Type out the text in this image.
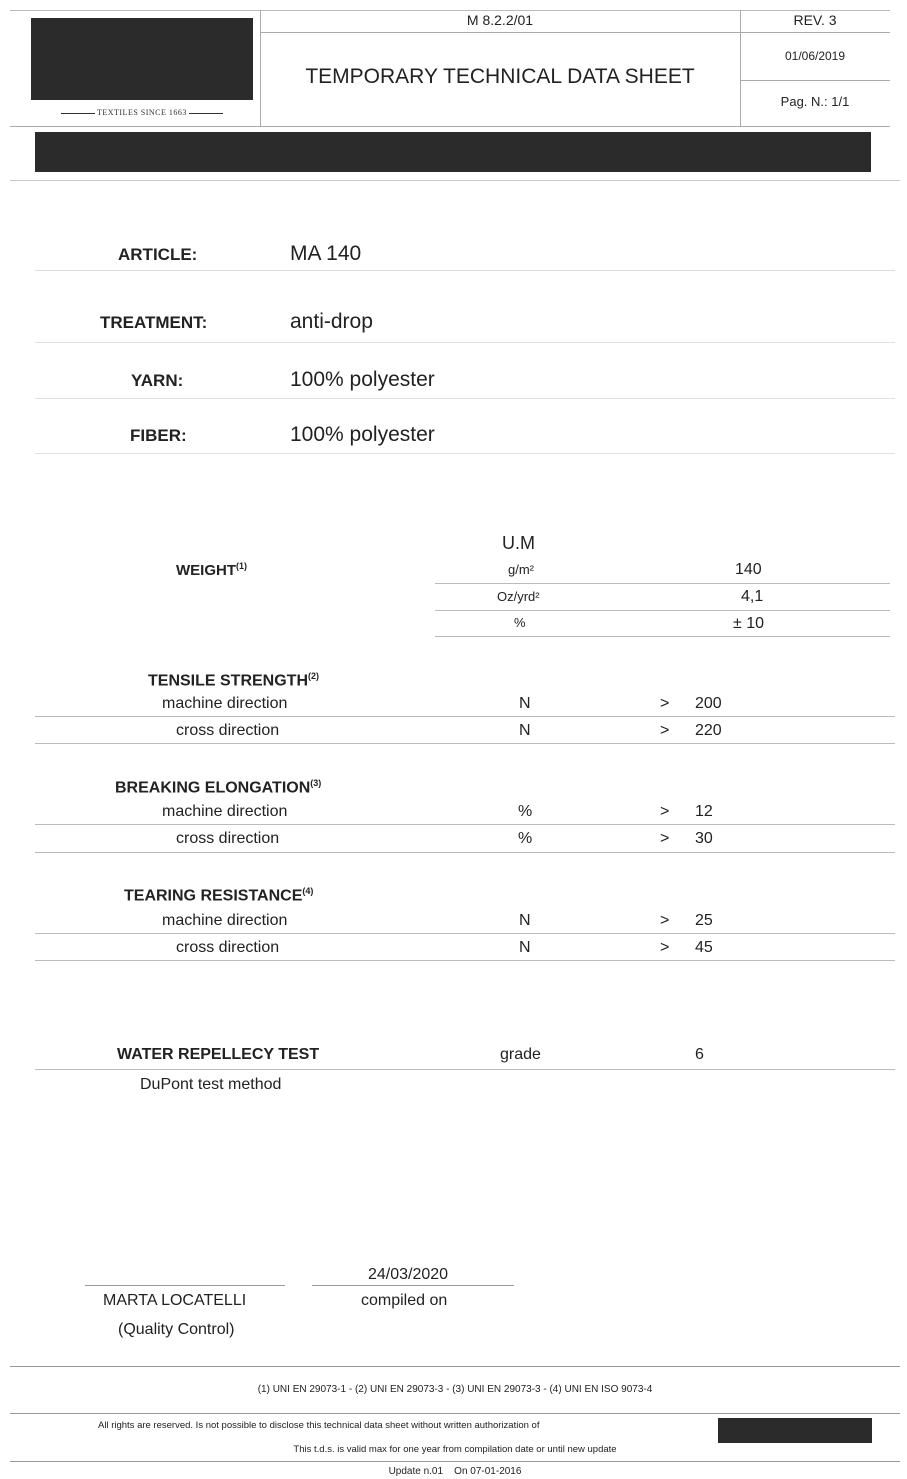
TEXTILES SINCE 1663
M 8.2.2/01
TEMPORARY TECHNICAL DATA SHEET
REV. 3
01/06/2019
Pag. N.: 1/1
ARTICLE:	MA 140
TREATMENT:	anti-drop
YARN:	100% polyester
FIBER:	100% polyester
U.M
WEIGHT$^{(1)}$	g/m²	140
Oz/yrd²	4,1
%	± 10
TENSILE STRENGTH$^{(2)}$
machine direction	N	> 200
cross direction	N	> 220
BREAKING ELONGATION$^{(3)}$
machine direction	%	> 12
cross direction	%	> 30
TEARING RESISTANCE$^{(4)}$
machine direction	N	> 25
cross direction	N	> 45
WATER REPELLECY TEST	grade	6
DuPont test method
24/03/2020
MARTA LOCATELLI	compiled on
(Quality Control)
(1) UNI EN 29073-1 - (2) UNI EN 29073-3 - (3) UNI EN 29073-3 - (4) UNI EN ISO 9073-4
All rights are reserved. Is not possible to disclose this technical data sheet without written authorization of
This t.d.s. is valid max for one year from compilation date or until new update
Update n.01    On 07-01-2016
